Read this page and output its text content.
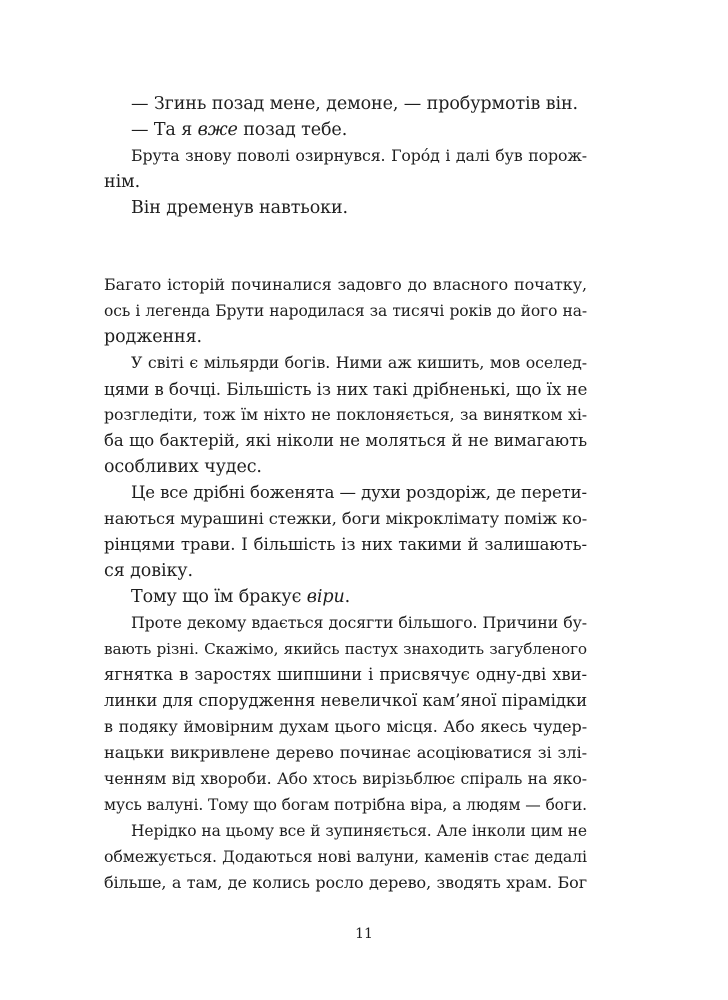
— Згинь позад мене, демоне, — пробурмотів він.
— Та я вже позад тебе.
Брута знову поволі озирнувся. Горо́д і далі був порож-
нім.
Він дременув навтьоки.
Багато історій починалися задовго до власного початку,
ось і легенда Брути народилася за тисячі років до його на-
родження.
У світі є мільярди богів. Ними аж кишить, мов оселед-
цями в бочці. Більшість із них такі дрібненькі, що їх не
розгледіти, тож їм ніхто не поклоняється, за винятком хі-
ба що бактерій, які ніколи не моляться й не вимагають
особливих чудес.
Це все дрібні боженята — духи роздоріж, де перети-
наються мурашині стежки, боги мікроклімату поміж ко-
рінцями трави. І більшість із них такими й залишають-
ся довіку.
Тому що їм бракує віри.
Проте декому вдається досягти більшого. Причини бу-
вають різні. Скажімо, якийсь пастух знаходить загубленого
ягнятка в заростях шипшини і присвячує одну-дві хви-
линки для спорудження невеличкої кам’яної пірамідки
в подяку ймовірним духам цього місця. Або якесь чудер-
нацьки викривлене дерево починає асоціюватися зі злі-
ченням від хвороби. Або хтось вирізьблює спіраль на яко-
мусь валуні. Тому що богам потрібна віра, а людям — боги.
Нерідко на цьому все й зупиняється. Але інколи цим не
обмежується. Додаються нові валуни, каменів стає дедалі
більше, а там, де колись росло дерево, зводять храм. Бог
11
